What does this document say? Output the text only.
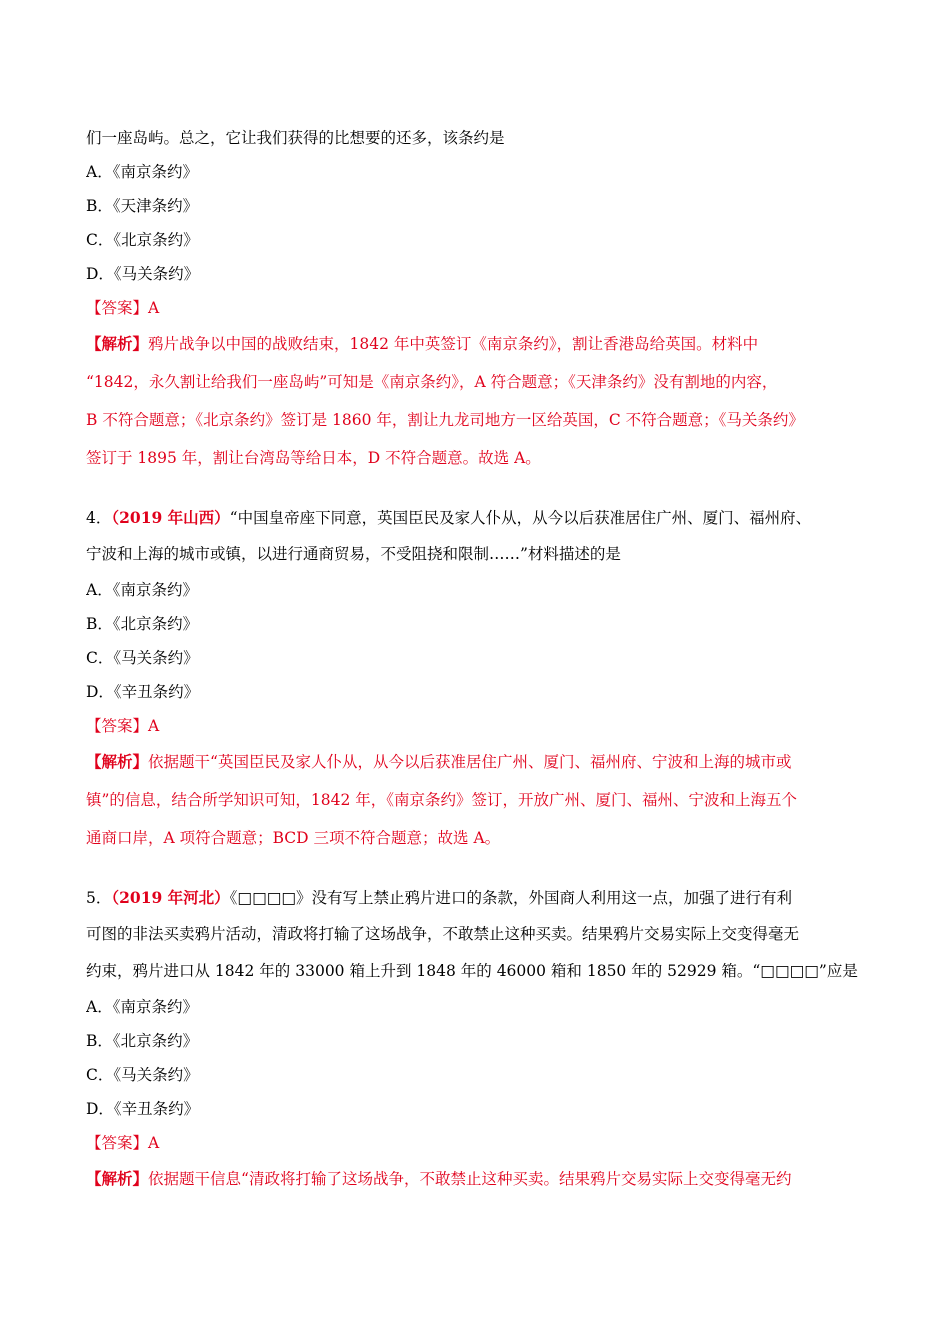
们一座岛屿。总之，它让我们获得的比想要的还多，该条约是
A．《南京条约》
B．《天津条约》
C．《北京条约》
D．《马关条约》
【答案】A
【解析】鸦片战争以中国的战败结束，1842 年中英签订《南京条约》，割让香港岛给英国。材料中
“1842，永久割让给我们一座岛屿”可知是《南京条约》，A 符合题意；《天津条约》没有割地的内容，
B 不符合题意；《北京条约》签订是 1860 年，割让九龙司地方一区给英国，C 不符合题意；《马关条约》
签订于 1895 年，割让台湾岛等给日本，D 不符合题意。故选 A。
4．（2019 年山西）“中国皇帝座下同意，英国臣民及家人仆从，从今以后获准居住广州、厦门、福州府、
宁波和上海的城市或镇，以进行通商贸易，不受阻挠和限制……”材料描述的是
A．《南京条约》
B．《北京条约》
C．《马关条约》
D．《辛丑条约》
【答案】A
【解析】依据题干“英国臣民及家人仆从，从今以后获准居住广州、厦门、福州府、宁波和上海的城市或
镇”的信息，结合所学知识可知，1842 年，《南京条约》签订，开放广州、厦门、福州、宁波和上海五个
通商口岸，A 项符合题意；BCD 三项不符合题意；故选 A。
5．（2019 年河北）《□□□□》没有写上禁止鸦片进口的条款，外国商人利用这一点，加强了进行有利
可图的非法买卖鸦片活动，清政将打输了这场战争，不敢禁止这种买卖。结果鸦片交易实际上交变得毫无
约束，鸦片进口从 1842 年的 33000 箱上升到 1848 年的 46000 箱和 1850 年的 52929 箱。“□□□□”应是
A．《南京条约》
B．《北京条约》
C．《马关条约》
D．《辛丑条约》
【答案】A
【解析】依据题干信息“清政将打输了这场战争，不敢禁止这种买卖。结果鸦片交易实际上交变得毫无约
